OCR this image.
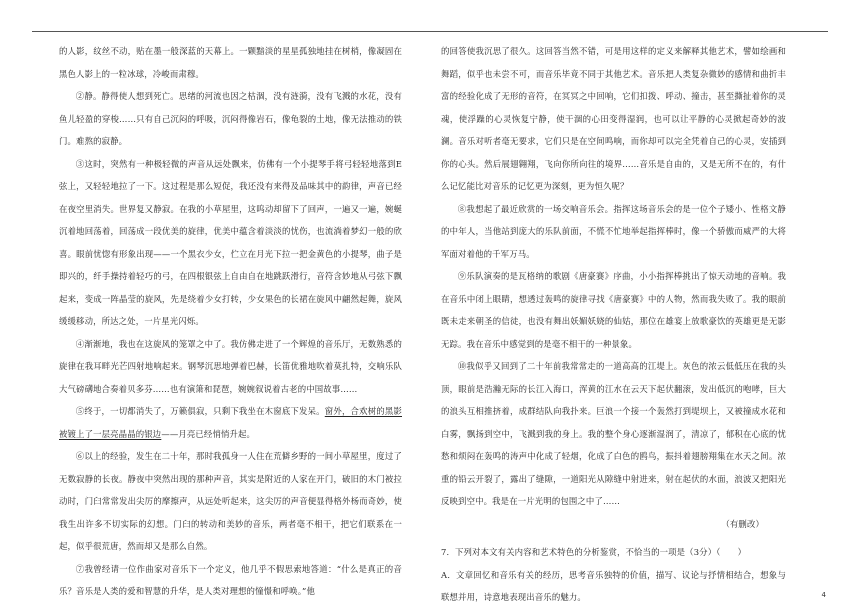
的人影，纹丝不动，贴在墨一般深蓝的天幕上。一颗黯淡的星星孤独地挂在树梢，像凝固在黑色人影上的一粒冰球，冷峻而肃穆。

②静。静得使人想到死亡。思绪的河流也因之枯涸，没有涟漪，没有飞溅的水花，没有鱼儿轻盈的穿梭……只有自己沉闷的呼吸，沉闷得像岩石，像龟裂的土地，像无法推动的铁门。难熬的寂静。

③这时，突然有一种极轻微的声音从远处飘来，仿佛有一个小提琴手将弓轻轻地落到E弦上，又轻轻地拉了一下。这过程是那么短促，我还没有来得及品味其中的韵律，声音已经在夜空里消失。世界复又静寂。在我的小草屋里，这呜动却留下了回声，一遍又一遍，婉蜒沉着地回荡着，回荡成一段优美的旋律，优美中蕴含着淡淡的忧伤，也流淌着梦幻一般的欣喜。眼前忧惚有形象出现——一个黑衣少女，伫立在月光下拉一把金黄色的小提琴，曲子是即兴的，纤手操持着轻巧的弓，在四根银弦上自由自在地跳跃滑行，音符含妙地从弓弦下飘起来，变成一阵晶莹的旋风，先是绕着少女打转，少女果色的长裙在旋风中翩然起舞，旋风缓缓移动，所达之处，一片星光闪烁。

④渐渐地，我也在这旋风的笼罩之中了。我仿佛走进了一个辉煌的音乐厅，无数熟悉的旋律在我耳畔光芒四射地响起来。钢琴沉思地弹着巴赫，长笛优雅地吹着莫扎特，交响乐队大气磅礴地合奏着贝多芬……也有演箫和琵琶，婉婉叙说着古老的中国故事……

⑤终于，一切都消失了，万籁俱寂，只剩下我坐在木窗底下发呆。窗外，合欢树的黑影被镀上了一层亮晶晶的银边——月亮已经悄悄升起。

⑥以上的经验，发生在二十年，那时我孤身一人住在荒僻乡野的一间小草屋里，度过了无数寂静的长夜。静夜中突然出现的那种声音，其实是附近的人家在开门，破旧的木门被拉动时，门臼常常发出尖厉的摩擦声，从远处听起来，这尖厉的声音便显得格外杨而奇妙，使我生出许多不切实际的幻想。门臼的转动和美妙的音乐，两者毫不相干，把它们联系在一起，似乎很荒唐，然而却又是那么自然。

⑦我曾经请一位作曲家对音乐下一个定义，他几乎不假思索地答道：“什么是真正的音乐？音乐是人类的爱和智慧的升华，是人类对理想的憧憬和呼唤。”他

的回答使我沉思了很久。这回答当然不错，可是用这样的定义来解释其他艺术，譬如绘画和舞蹈，似乎也未尝不可，而音乐毕竟不同于其他艺术。音乐把人类复杂微妙的感情和曲折丰富的经验化成了无形的音符，在冥冥之中回响，它们扣拨、呼动、撞击，甚至撕扯着你的灵魂，使浮躁的心灵恢复宁静，使干涸的心田变得湿润，也可以让平静的心灵掀起奇妙的波澜。音乐对听者毫无要求，它们只是在空间鸣响，而你却可以完全凭着自己的心灵，安插到你的心头。然后展翅翱翔，飞向你所向往的境界……音乐是自由的，又是无所不在的，有什么记忆能比对音乐的记忆更为深刻，更为恒久呢？

⑧我想起了最近欣赏的一场交响音乐会。指挥这场音乐会的是一位个子矮小、性格文静的中年人，当他站到庞大的乐队前面，不慌不忙地举起指挥棒时，像一个骄傲而威严的大将军面对着他的千军万马。

⑨乐队演奏的是瓦格纳的歌剧《唐豪赛》序曲，小小指挥棒挑出了惊天动地的音响。我在音乐中闭上眼睛，想透过轰鸣的旋律寻找《唐豪赛》中的人物，然而我失败了。我的眼前既未走来朝圣的信徒，也没有舞出妖媚妖娆的仙姑，那位在雄宴上放歌豪饮的英雄更是无影无踪。我在音乐中感觉到的是毫不相干的一种景象。

⑩我似乎又回到了二十年前我常常走的一道高高的江堤上。灰色的浓云低低压在我的头顶，眼前是浩瀚无际的长江入海口，浑黄的江水在云天下起伏翻滚，发出低沉的咆哮，巨大的浪头互相推挤着，成群结队向我扑来。巨浪一个接一个轰然打到堤坝上，又被撞成水花和白雾，飘扬到空中，飞溅到我的身上。我的整个身心逐渐湿润了，清凉了，郁积在心底的忧愁和烦闷在轰鸣的涛声中化成了轻烟，化成了白色的鸥鸟，振抖着翅膀翔集在水天之间。浓重的铅云开裂了，露出了缝隙，一道阳光从隙缝中射进来，射在起伏的水面，浪波又把阳光反映到空中。我是在一片光明的包围之中了……

（有删改）

7．下列对本文有关内容和艺术特色的分析鉴赏，不恰当的一项是（3分）（　　）

A．文章回忆和音乐有关的经历，思考音乐独特的价值，描写、议论与抒情相结合，想象与联想并用，诗意地表现出音乐的魅力。	4
